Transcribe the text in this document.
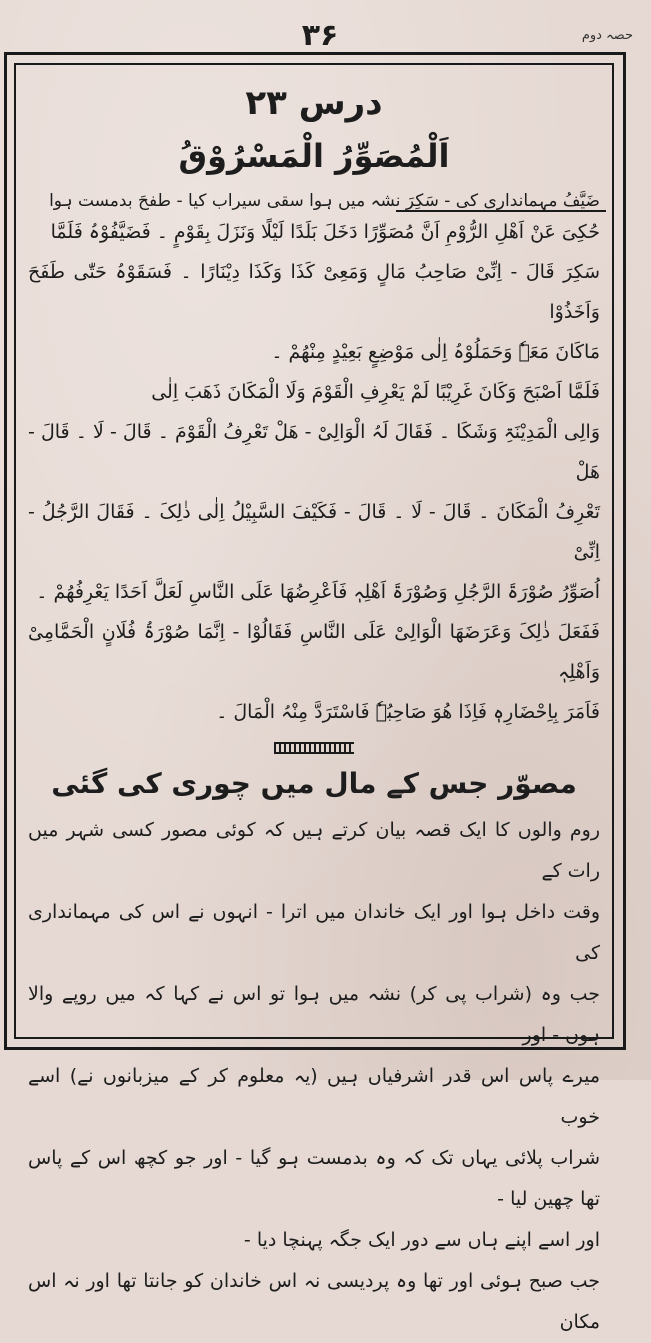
۳۶	حصہ دوم
درس ۲۳
اَلْمُصَوِّرُ الْمَسْرُوْقُ
ضَیَّفُ مہمانداری کی - سَکِرَ نشہ میں ہوا سقی سیراب کیا - طفحَ بدمست ہوا
حُکِیَ عَنْ اَھْلِ الرُّوْمِ اَنَّ مُصَوِّرًا دَخَلَ بَلَدًا لَیْلًا وَنَزَلَ بِقَوْمٍ ۔ فَضَیَّفُوْہُ فَلَمَّا
سَکِرَ قَالَ - اِنِّیْ صَاحِبُ مَالٍ وَمَعِیْ کَذَا وَکَذَا دِیْنَارًا ۔ فَسَقَوْہُ حَتّٰی طَفَحَ وَاَخَذُوْا
مَاکَانَ مَعَہٗ وَحَمَلُوْہُ اِلٰی مَوْضِعٍ بَعِیْدٍ مِنْھُمْ ۔
فَلَمَّا اَصْبَحَ وَکَانَ غَرِیْبًا لَمْ یَعْرِفِ الْقَوْمَ وَلَا الْمَکَانَ ذَھَبَ اِلٰی
وَالِی الْمَدِیْنَۃِ وَشَکَا ۔ فَقَالَ لَہُ الْوَالِیْ - ھَلْ تَعْرِفُ الْقَوْمَ ۔ قَالَ - لَا ۔ قَالَ - ھَلْ
تَعْرِفُ الْمَکَانَ ۔ قَالَ - لَا ۔ قَالَ - فَکَیْفَ السَّبِیْلُ اِلٰی ذٰلِکَ ۔ فَقَالَ الرَّجُلُ - اِنِّیْ
اُصَوِّرُ صُوْرَۃَ الرَّجُلِ وَصُوْرَۃَ اَھْلِہٖ فَاَعْرِضُھَا عَلَی النَّاسِ لَعَلَّ اَحَدًا یَعْرِفُھُمْ ۔
فَفَعَلَ ذٰلِکَ وَعَرَضَھَا الْوَالِیْ عَلَی النَّاسِ فَقَالُوْا - اِنَّمَا صُوْرَۃُ فُلَانٍ الْحَمَّامِیْ وَاَھْلِہٖ
فَاَمَرَ بِاِحْضَارِہٖ فَاِذَا ھُوَ صَاحِبُہٗ فَاسْتَرَدَّ مِنْہُ الْمَالَ ۔
مصوّر جس کے مال میں چوری کی گئی
روم والوں کا ایک قصہ بیان کرتے ہیں کہ کوئی مصور کسی شہر میں رات کے
وقت داخل ہوا اور ایک خاندان میں اترا - انہوں نے اس کی مہمانداری کی
جب وہ (شراب پی کر) نشہ میں ہوا تو اس نے کہا کہ میں روپے والا ہوں - اور
میرے پاس اس قدر اشرفیاں ہیں (یہ معلوم کر کے میزبانوں نے) اسے خوب
شراب پلائی یہاں تک کہ وہ بدمست ہو گیا - اور جو کچھ اس کے پاس تھا چھین لیا -
اور اسے اپنے ہاں سے دور ایک جگہ پہنچا دیا -
جب صبح ہوئی اور تھا وہ پردیسی نہ اس خاندان کو جانتا تھا اور نہ اس مکان
